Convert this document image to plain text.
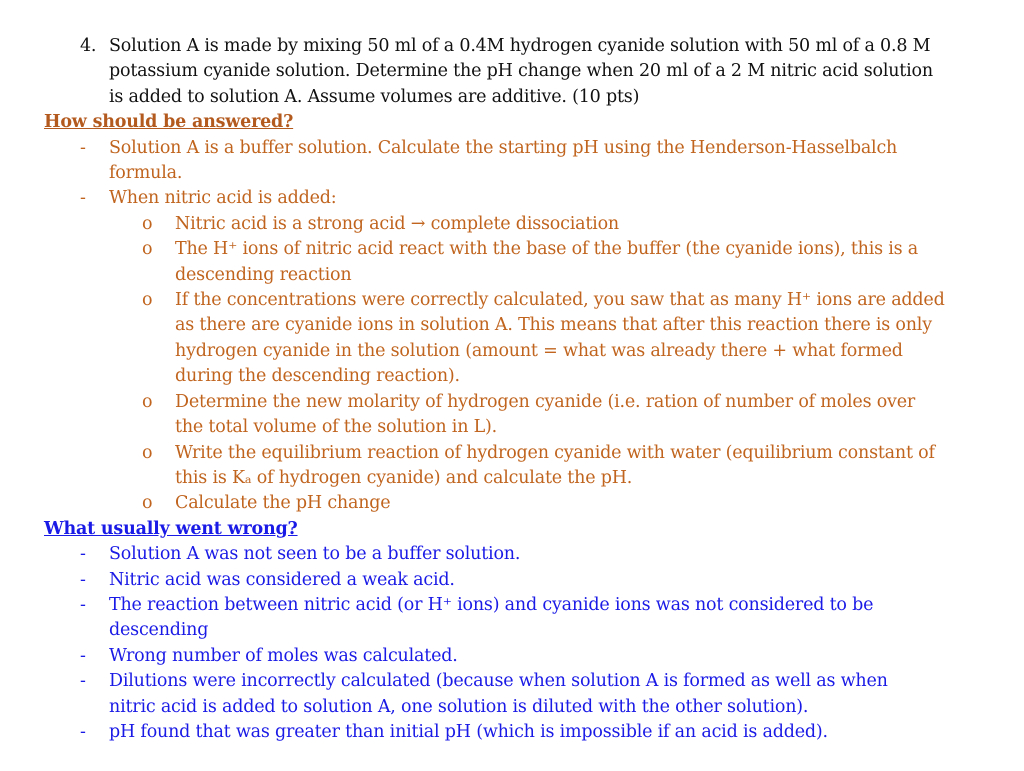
4. Solution A is made by mixing 50 ml of a 0.4M hydrogen cyanide solution with 50 ml of a 0.8 M
potassium cyanide solution. Determine the pH change when 20 ml of a 2 M nitric acid solution
is added to solution A. Assume volumes are additive. (10 pts)
How should be answered?
- Solution A is a buffer solution. Calculate the starting pH using the Henderson-Hasselbalch
formula.
- When nitric acid is added:
o Nitric acid is a strong acid → complete dissociation
o The H⁺ ions of nitric acid react with the base of the buffer (the cyanide ions), this is a
descending reaction
o If the concentrations were correctly calculated, you saw that as many H⁺ ions are added
as there are cyanide ions in solution A. This means that after this reaction there is only
hydrogen cyanide in the solution (amount = what was already there + what formed
during the descending reaction).
o Determine the new molarity of hydrogen cyanide (i.e. ration of number of moles over
the total volume of the solution in L).
o Write the equilibrium reaction of hydrogen cyanide with water (equilibrium constant of
this is Kₐ of hydrogen cyanide) and calculate the pH.
o Calculate the pH change
What usually went wrong?
- Solution A was not seen to be a buffer solution.
- Nitric acid was considered a weak acid.
- The reaction between nitric acid (or H⁺ ions) and cyanide ions was not considered to be
descending
- Wrong number of moles was calculated.
- Dilutions were incorrectly calculated (because when solution A is formed as well as when
nitric acid is added to solution A, one solution is diluted with the other solution).
- pH found that was greater than initial pH (which is impossible if an acid is added).
